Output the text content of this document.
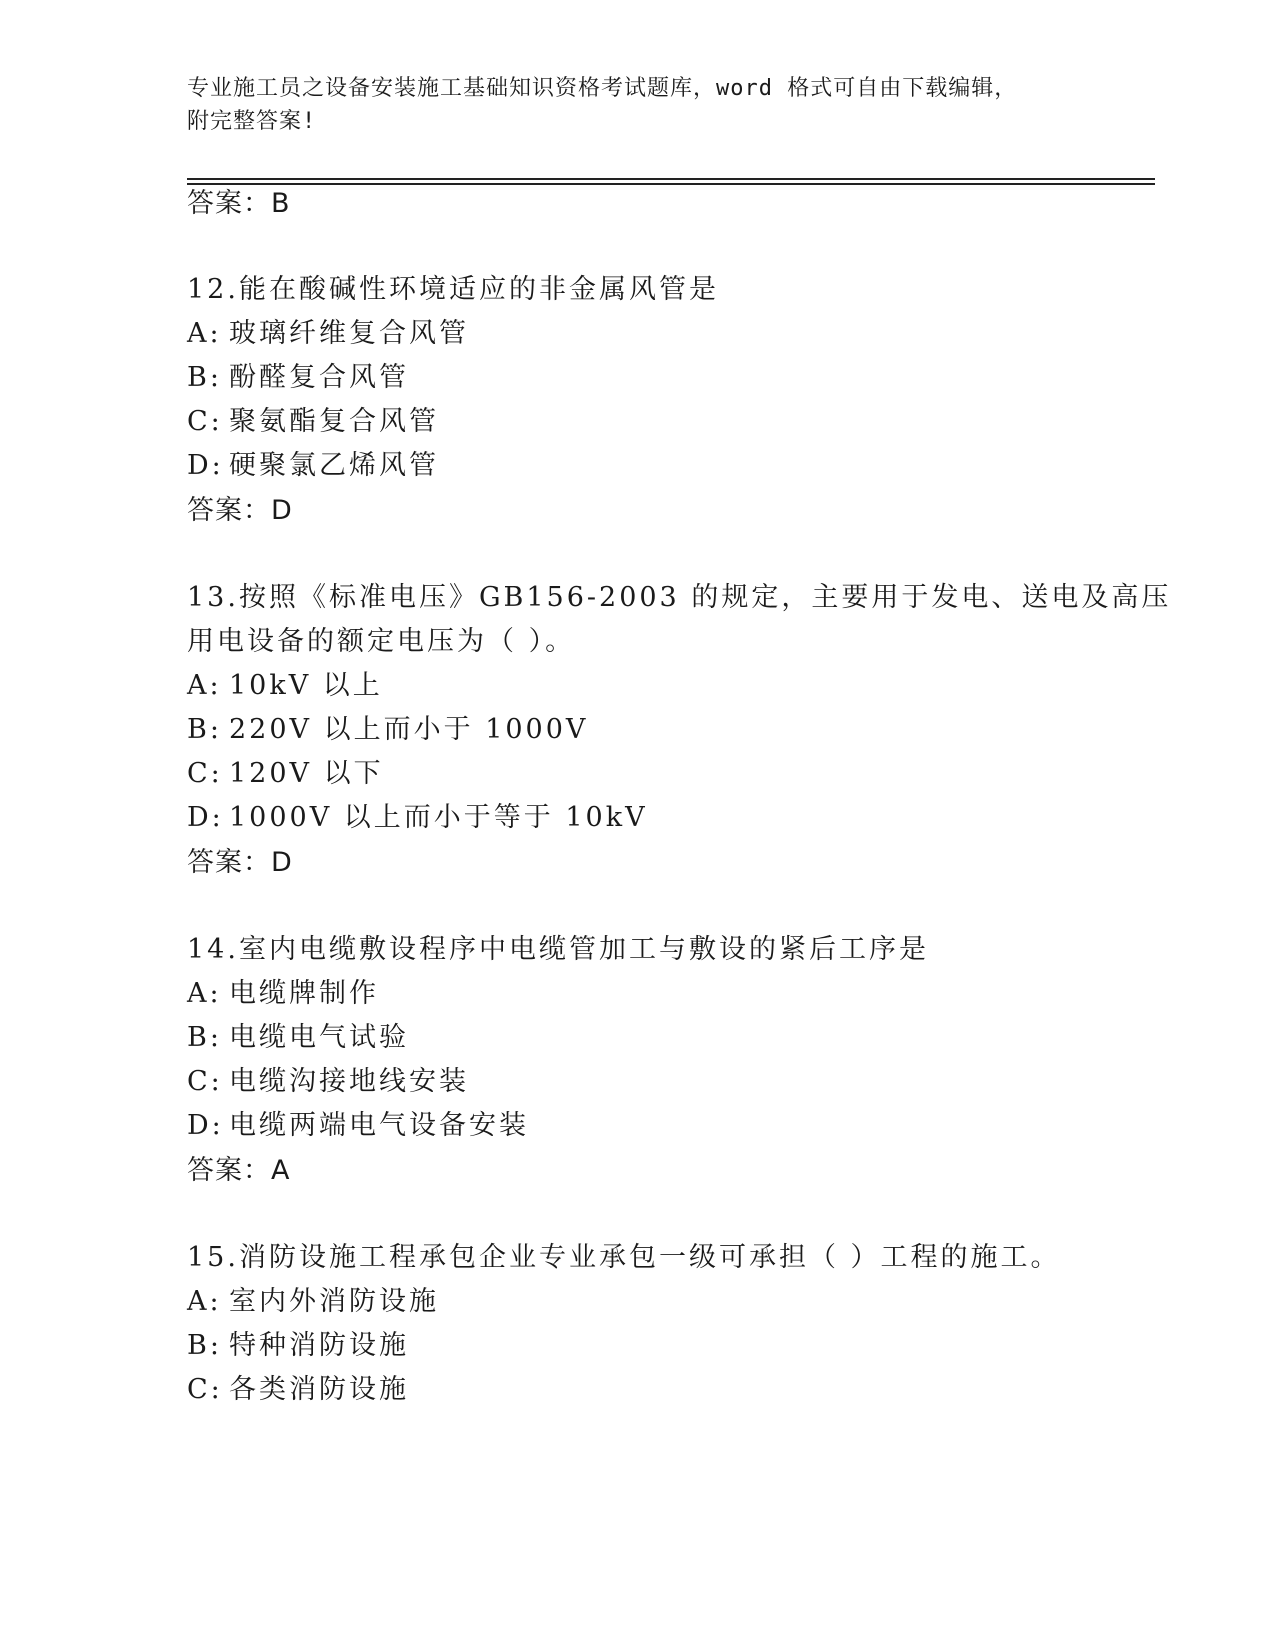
专业施工员之设备安装施工基础知识资格考试题库，word 格式可自由下载编辑，
附完整答案!
答案：B
12.能在酸碱性环境适应的非金属风管是
A: 玻璃纤维复合风管
B: 酚醛复合风管
C: 聚氨酯复合风管
D: 硬聚氯乙烯风管
答案：D
13.按照《标准电压》GB156-2003 的规定，主要用于发电、送电及高压
用电设备的额定电压为（ ）。
A: 10kV 以上
B: 220V 以上而小于 1000V
C: 120V 以下
D: 1000V 以上而小于等于 10kV
答案：D
14.室内电缆敷设程序中电缆管加工与敷设的紧后工序是
A: 电缆牌制作
B: 电缆电气试验
C: 电缆沟接地线安装
D: 电缆两端电气设备安装
答案：A
15.消防设施工程承包企业专业承包一级可承担（ ）工程的施工。
A: 室内外消防设施
B: 特种消防设施
C: 各类消防设施
